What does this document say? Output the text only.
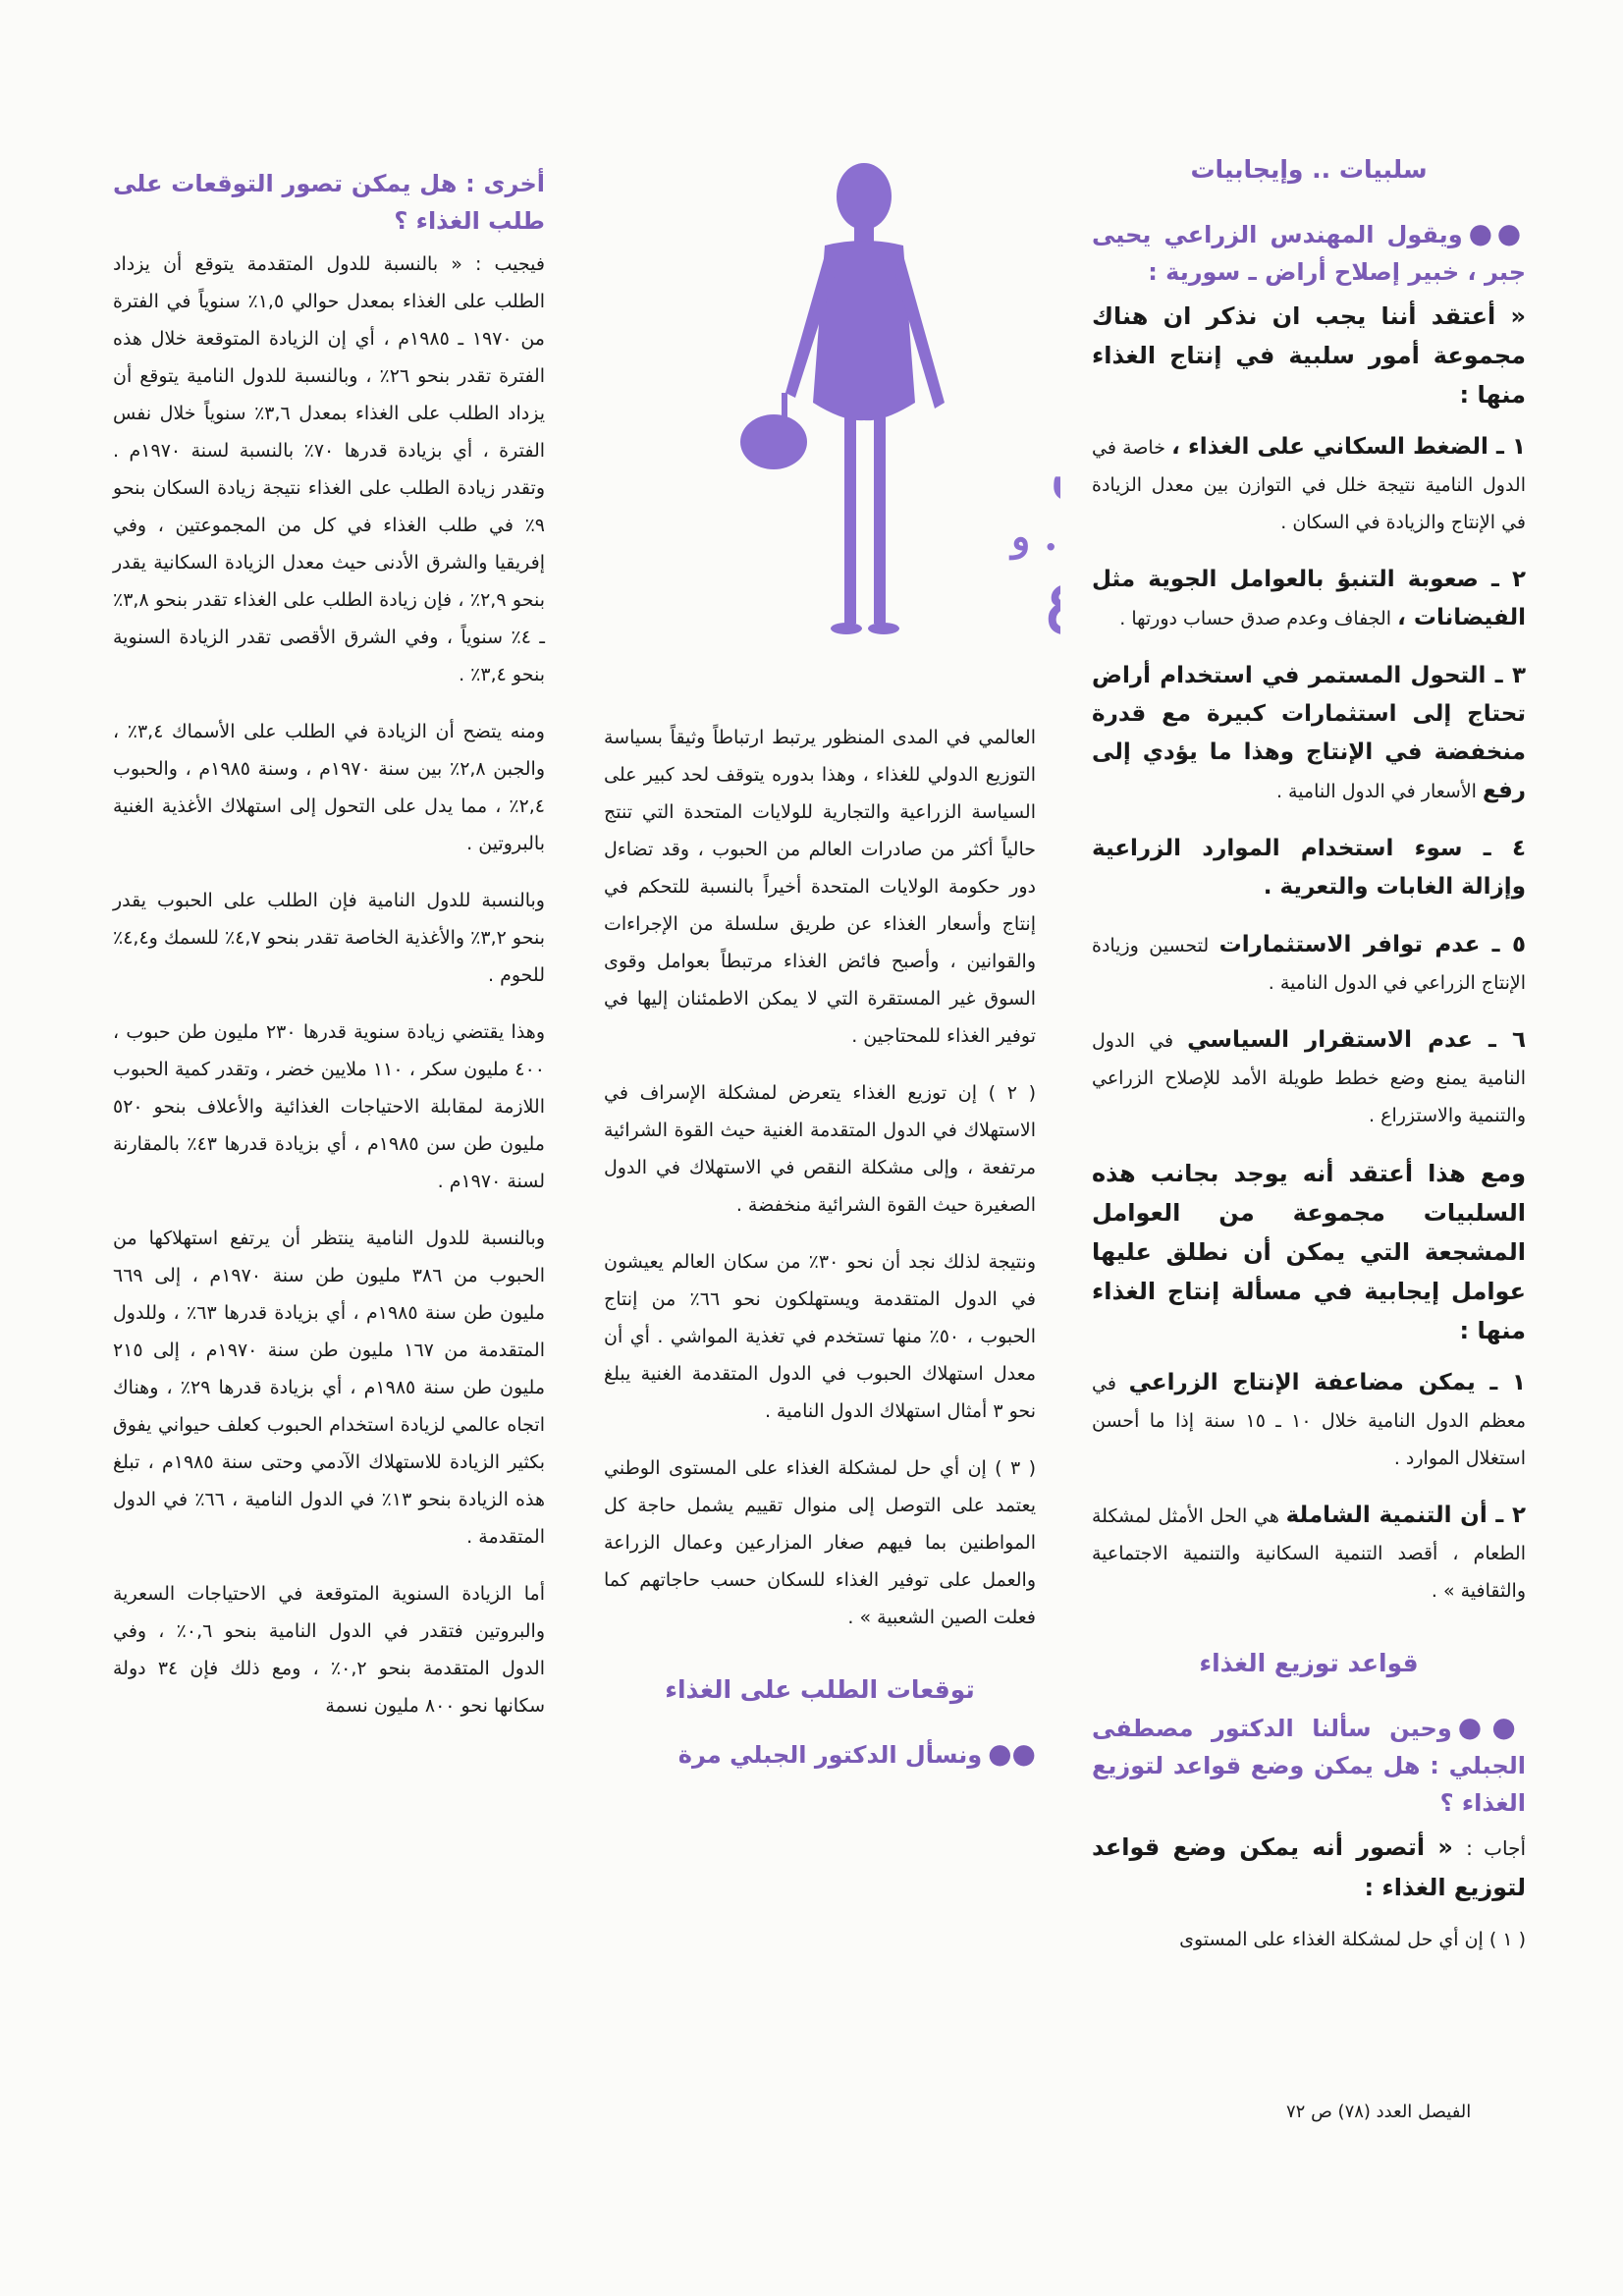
سلبيات .. وإيجابيات

●●ويقول المهندس الزراعي يحيى جبر ، خبير إصلاح أراض ـ سورية :

« أعتقد أننا يجب ان نذكر ان هناك مجموعة أمور سلبية في إنتاج الغذاء منها :

١ ـ الضغط السكاني على الغذاء ، خاصة في الدول النامية نتيجة خلل في التوازن بين معدل الزيادة في الإنتاج والزيادة في السكان .

٢ ـ صعوبة التنبؤ بالعوامل الجوية مثل الفيضانات ، الجفاف وعدم صدق حساب دورتها .

٣ ـ التحول المستمر في استخدام أراض تحتاج إلى استثمارات كبيرة مع قدرة منخفضة في الإنتاج وهذا ما يؤدي إلى رفع الأسعار في الدول النامية .

٤ ـ سوء استخدام الموارد الزراعية وإزالة الغابات والتعرية .

٥ ـ عدم توافر الاستثمارات لتحسين وزيادة الإنتاج الزراعي في الدول النامية .

٦ ـ عدم الاستقرار السياسي في الدول النامية يمنع وضع خطط طويلة الأمد للإصلاح الزراعي والتنمية والاستزراع .

ومع هذا أعتقد أنه يوجد بجانب هذه السلبيات مجموعة من العوامل المشجعة التي يمكن أن نطلق عليها عوامل إيجابية في مسألة إنتاج الغذاء منها :

١ ـ يمكن مضاعفة الإنتاج الزراعي في معظم الدول النامية خلال ١٠ ـ ١٥ سنة إذا ما أحسن استغلال الموارد .

٢ ـ أن التنمية الشاملة هي الحل الأمثل لمشكلة الطعام ، أقصد التنمية السكانية والتنمية الاجتماعية والثقافية » .

قواعد توزيع الغذاء

●●وحين سألنا الدكتور مصطفى الجبلي : هل يمكن وضع قواعد لتوزيع الغذاء ؟

أجاب : « أتصور أنه يمكن وضع قواعد لتوزيع الغذاء :

( ١ ) إن أي حل لمشكلة الغذاء على المستوى

. و

العالمي في المدى المنظور يرتبط ارتباطاً وثيقاً بسياسة التوزيع الدولي للغذاء ، وهذا بدوره يتوقف لحد كبير على السياسة الزراعية والتجارية للولايات المتحدة التي تنتج حالياً أكثر من صادرات العالم من الحبوب ، وقد تضاءل دور حكومة الولايات المتحدة أخيراً بالنسبة للتحكم في إنتاج وأسعار الغذاء عن طريق سلسلة من الإجراءات والقوانين ، وأصبح فائض الغذاء مرتبطاً بعوامل وقوى السوق غير المستقرة التي لا يمكن الاطمئنان إليها في توفير الغذاء للمحتاجين .

( ٢ ) إن توزيع الغذاء يتعرض لمشكلة الإسراف في الاستهلاك في الدول المتقدمة الغنية حيث القوة الشرائية مرتفعة ، وإلى مشكلة النقص في الاستهلاك في الدول الصغيرة حيث القوة الشرائية منخفضة .

ونتيجة لذلك نجد أن نحو ٣٠٪ من سكان العالم يعيشون في الدول المتقدمة ويستهلكون نحو ٦٦٪ من إنتاج الحبوب ، ٥٠٪ منها تستخدم في تغذية المواشي . أي أن معدل استهلاك الحبوب في الدول المتقدمة الغنية يبلغ نحو ٣ أمثال استهلاك الدول النامية .

( ٣ ) إن أي حل لمشكلة الغذاء على المستوى الوطني يعتمد على التوصل إلى منوال تقييم يشمل حاجة كل المواطنين بما فيهم صغار المزارعين وعمال الزراعة والعمل على توفير الغذاء للسكان حسب حاجاتهم كما فعلت الصين الشعبية » .

توقعات الطلب على الغذاء

●●ونسأل الدكتور الجبلي مرة

أخرى : هل يمكن تصور التوقعات على طلب الغذاء ؟

فيجيب : « بالنسبة للدول المتقدمة يتوقع أن يزداد الطلب على الغذاء بمعدل حوالي ١,٥٪ سنوياً في الفترة من ١٩٧٠ ـ ١٩٨٥م ، أي إن الزيادة المتوقعة خلال هذه الفترة تقدر بنحو ٢٦٪ ، وبالنسبة للدول النامية يتوقع أن يزداد الطلب على الغذاء بمعدل ٣,٦٪ سنوياً خلال نفس الفترة ، أي بزيادة قدرها ٧٠٪ بالنسبة لسنة ١٩٧٠م . وتقدر زيادة الطلب على الغذاء نتيجة زيادة السكان بنحو ٩٪ في طلب الغذاء في كل من المجموعتين ، وفي إفريقيا والشرق الأدنى حيث معدل الزيادة السكانية يقدر بنحو ٢,٩٪ ، فإن زيادة الطلب على الغذاء تقدر بنحو ٣,٨٪ ـ ٤٪ سنوياً ، وفي الشرق الأقصى تقدر الزيادة السنوية بنحو ٣,٤٪ .

ومنه يتضح أن الزيادة في الطلب على الأسماك ٣,٤٪ ، والجبن ٢,٨٪ بين سنة ١٩٧٠م ، وسنة ١٩٨٥م ، والحبوب ٢,٤٪ ، مما يدل على التحول إلى استهلاك الأغذية الغنية بالبروتين .

وبالنسبة للدول النامية فإن الطلب على الحبوب يقدر بنحو ٣,٢٪ والأغذية الخاصة تقدر بنحو ٤,٧٪ للسمك و٤,٤٪ للحوم .

وهذا يقتضي زيادة سنوية قدرها ٢٣٠ مليون طن حبوب ، ٤٠٠ مليون سكر ، ١١٠ ملايين خضر ، وتقدر كمية الحبوب اللازمة لمقابلة الاحتياجات الغذائية والأعلاف بنحو ٥٢٠ مليون طن سن ١٩٨٥م ، أي بزيادة قدرها ٤٣٪ بالمقارنة لسنة ١٩٧٠م .

وبالنسبة للدول النامية ينتظر أن يرتفع استهلاكها من الحبوب من ٣٨٦ مليون طن سنة ١٩٧٠م ، إلى ٦٦٩ مليون طن سنة ١٩٨٥م ، أي بزيادة قدرها ٦٣٪ ، وللدول المتقدمة من ١٦٧ مليون طن سنة ١٩٧٠م ، إلى ٢١٥ مليون طن سنة ١٩٨٥م ، أي بزيادة قدرها ٢٩٪ ، وهناك اتجاه عالمي لزيادة استخدام الحبوب كعلف حيواني يفوق بكثير الزيادة للاستهلاك الآدمي وحتى سنة ١٩٨٥م ، تبلغ هذه الزيادة بنحو ١٣٪ في الدول النامية ، ٦٦٪ في الدول المتقدمة .

أما الزيادة السنوية المتوقعة في الاحتياجات السعرية والبروتين فتقدر في الدول النامية بنحو ٠,٦٪ ، وفي الدول المتقدمة بنحو ٠,٢٪ ، ومع ذلك فإن ٣٤ دولة سكانها نحو ٨٠٠ مليون نسمة

الفيصل العدد (٧٨) ص ٧٢
